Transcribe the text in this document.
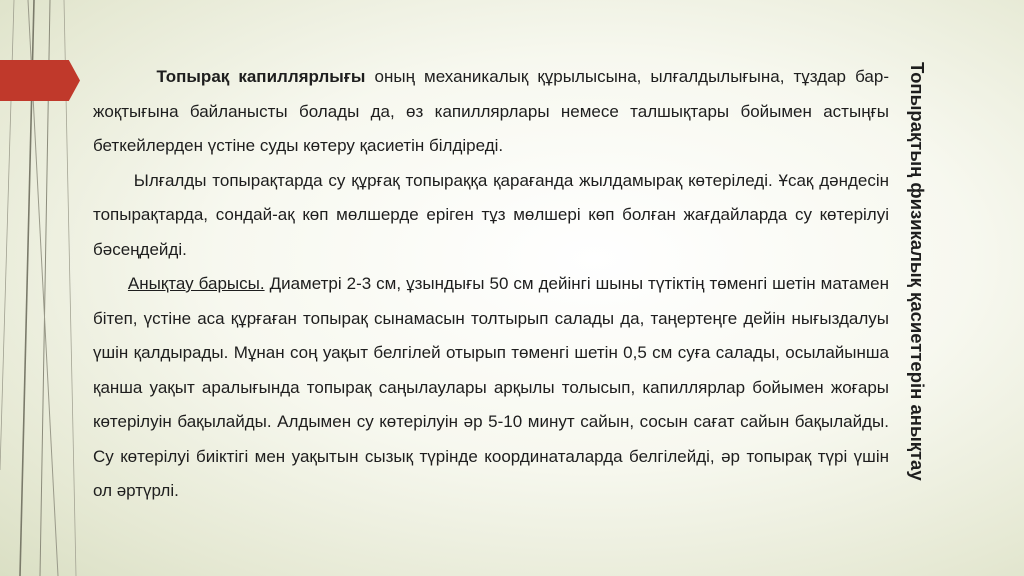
Топырақ капиллярлығы оның механикалық құрылысына, ылғалдылығына, тұздар бар-жоқтығына байланысты болады да, өз капиллярлары немесе талшықтары бойымен астыңғы беткейлерден үстіне суды көтеру қасиетін білдіреді.

Ылғалды топырақтарда су құрғақ топыраққа қарағанда жылдамырақ көтеріледі. Ұсақ дәндесін топырақтарда, сондай-ақ көп мөлшерде еріген тұз мөлшері көп болған жағдайларда су көтерілуі бәсеңдейді.

Анықтау барысы. Диаметрі 2-3 см, ұзындығы 50 см дейінгі шыны түтіктің төменгі шетін матамен бітеп, үстіне аса құрғаған топырақ сынамасын толтырып салады да, таңертеңге дейін нығыздалуы үшін қалдырады. Мұнан соң уақыт белгілей отырып төменгі шетін 0,5 см суға салады, осылайынша қанша уақыт аралығында топырақ саңылаулары арқылы толысып, капиллярлар бойымен жоғары көтерілуін бақылайды. Алдымен су көтерілуін әр 5-10 минут сайын, сосын сағат сайын бақылайды. Су көтерілуі биіктігі мен уақытын сызық түрінде координаталарда белгілейді, әр топырақ түрі үшін ол әртүрлі.

Топырақтың физикалық қасиеттерін анықтау
